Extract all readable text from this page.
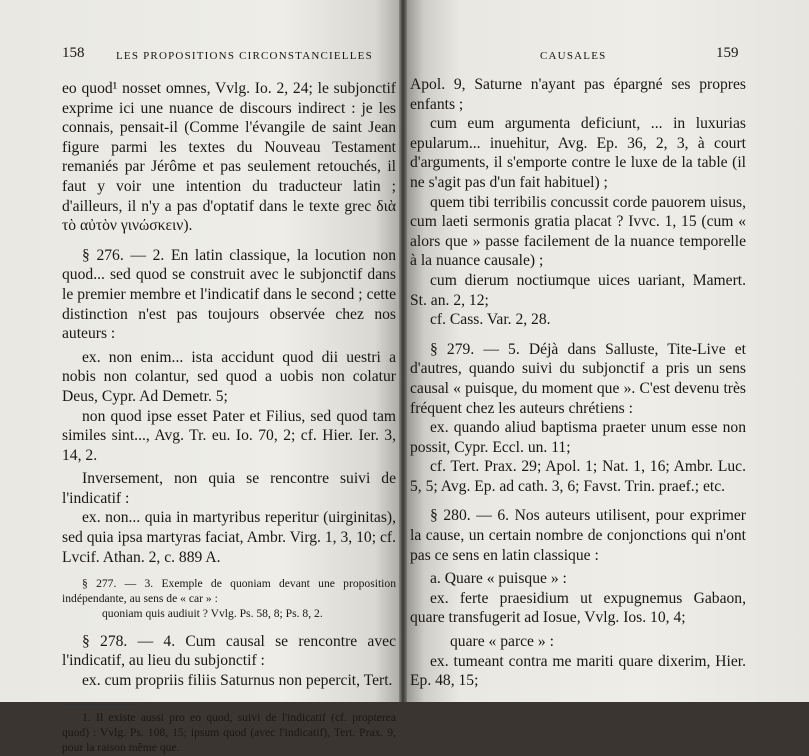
158	LES PROPOSITIONS CIRCONSTANCIELLES

eo quod¹ nosset omnes, Vvlg. Io. 2, 24; le subjonctif exprime ici une nuance de discours indirect : je les connais, pensait-il (Comme l'évangile de saint Jean figure parmi les textes du Nouveau Testament remaniés par Jérôme et pas seulement retouchés, il faut y voir une intention du traducteur latin ; d'ailleurs, il n'y a pas d'optatif dans le texte grec διὰ τὸ αὐτὸν γινώσκειν).

§ 276. — 2. En latin classique, la locution non quod... sed quod se construit avec le subjonctif dans le premier membre et l'indicatif dans le second ; cette distinction n'est pas toujours observée chez nos auteurs :

ex. non enim... ista accidunt quod dii uestri a nobis non colantur, sed quod a uobis non colatur Deus, Cypr. Ad Demetr. 5;

non quod ipse esset Pater et Filius, sed quod tam similes sint..., Avg. Tr. eu. Io. 70, 2; cf. Hier. Ier. 3, 14, 2.

Inversement, non quia se rencontre suivi de l'indicatif :

ex. non... quia in martyribus reperitur (uirginitas), sed quia ipsa martyras faciat, Ambr. Virg. 1, 3, 10; cf. Lvcif. Athan. 2, c. 889 A.

§ 277. — 3. Exemple de quoniam devant une proposition indépendante, au sens de « car » :

quoniam quis audiuit ? Vvlg. Ps. 58, 8; Ps. 8, 2.

§ 278. — 4. Cum causal se rencontre avec l'indicatif, au lieu du subjonctif :

ex. cum propriis filiis Saturnus non pepercit, Tert.

1. Il existe aussi pro eo quod, suivi de l'indicatif (cf. propterea quod) : Vvlg. Ps. 108, 15; ipsum quod (avec l'indicatif), Tert. Prax. 9, pour la raison même que.

CAUSALES	159

Apol. 9, Saturne n'ayant pas épargné ses propres enfants ;

cum eum argumenta deficiunt, ... in luxurias epularum... inuehitur, Avg. Ep. 36, 2, 3, à court d'arguments, il s'emporte contre le luxe de la table (il ne s'agit pas d'un fait habituel) ;

quem tibi terribilis concussit corde pauorem uisus, cum laeti sermonis gratia placat ? Ivvc. 1, 15 (cum « alors que » passe facilement de la nuance temporelle à la nuance causale) ;

cum dierum noctiumque uices uariant, Mamert. St. an. 2, 12;

cf. Cass. Var. 2, 28.

§ 279. — 5. Déjà dans Salluste, Tite-Live et d'autres, quando suivi du subjonctif a pris un sens causal « puisque, du moment que ». C'est devenu très fréquent chez les auteurs chrétiens :

ex. quando aliud baptisma praeter unum esse non possit, Cypr. Eccl. un. 11;

cf. Tert. Prax. 29; Apol. 1; Nat. 1, 16; Ambr. Luc. 5, 5; Avg. Ep. ad cath. 3, 6; Favst. Trin. praef.; etc.

§ 280. — 6. Nos auteurs utilisent, pour exprimer la cause, un certain nombre de conjonctions qui n'ont pas ce sens en latin classique :

a. Quare « puisque » :

ex. ferte praesidium ut expugnemus Gabaon, quare transfugerit ad Iosue, Vvlg. Ios. 10, 4;

quare « parce » :

ex. tumeant contra me mariti quare dixerim, Hier. Ep. 48, 15;
